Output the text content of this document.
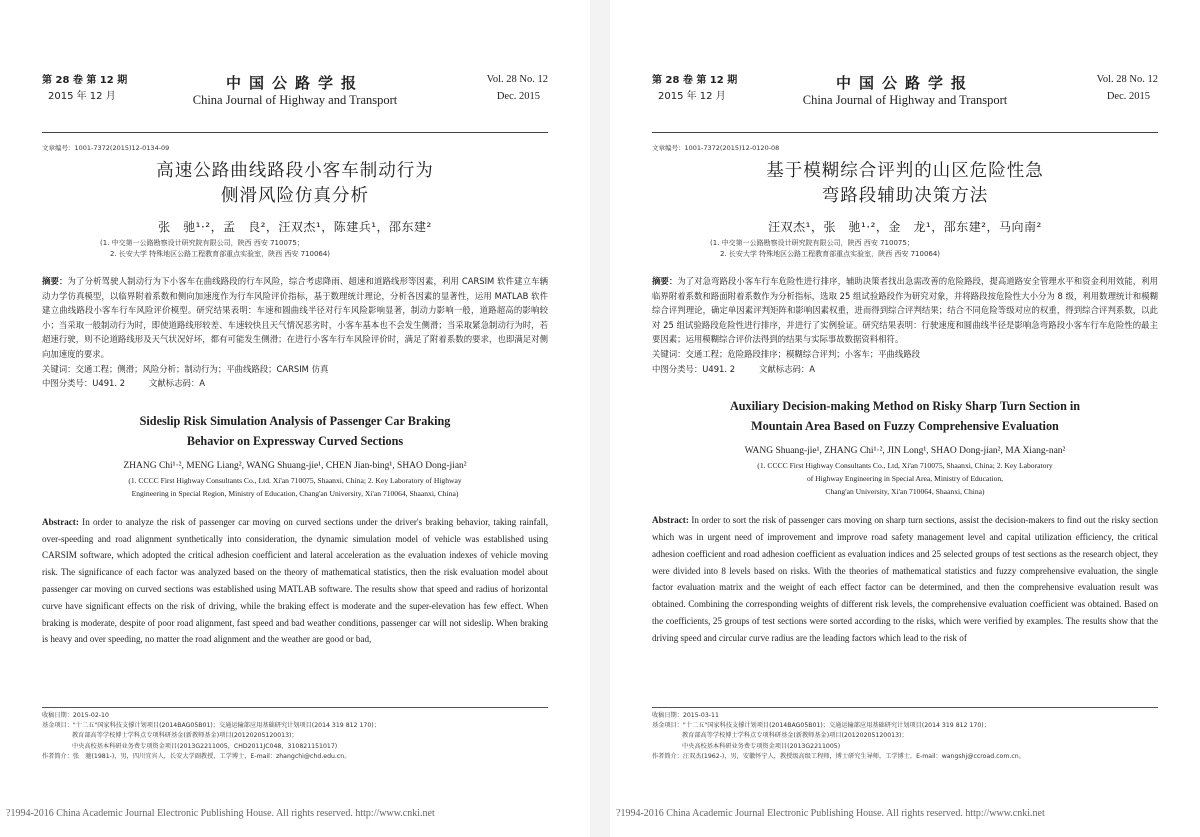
第 28 卷 第 12 期
2015 年 12 月
中国公路学报
China Journal of Highway and Transport
Vol. 28 No. 12
Dec. 2015
文章编号：1001-7372(2015)12-0134-09
高速公路曲线路段小客车制动行为
侧滑风险仿真分析
张　驰¹·²，孟　良²，汪双杰¹，陈建兵¹，邵东建²
(1. 中交第一公路勘察设计研究院有限公司，陕西 西安 710075；
2. 长安大学 特殊地区公路工程教育部重点实验室，陕西 西安 710064)
摘要：为了分析驾驶人制动行为下小客车在曲线路段的行车风险，综合考虑降雨、超速和道路线形等因素，利用 CARSIM 软件建立车辆动力学仿真模型，以临界附着系数和侧向加速度作为行车风险评价指标，基于数理统计理论，分析各因素的显著性，运用 MATLAB 软件建立曲线路段小客车行车风险评价模型。研究结果表明：车速和圆曲线半径对行车风险影响显著，制动力影响一般，道路超高的影响较小；当采取一般制动行为时，即使道路线形较差、车速较快且天气情况恶劣时，小客车基本也不会发生侧滑；当采取紧急制动行为时，若超速行驶，则不论道路线形及天气状况好坏，都有可能发生侧滑；在进行小客车行车风险评价时，满足了附着系数的要求，也即满足对侧向加速度的要求。
关键词：交通工程；侧滑；风险分析；制动行为；平曲线路段；CARSIM 仿真
中图分类号：U491. 2	文献标志码：A
Sideslip Risk Simulation Analysis of Passenger Car Braking
Behavior on Expressway Curved Sections
ZHANG Chi¹·², MENG Liang², WANG Shuang-jie¹, CHEN Jian-bing¹, SHAO Dong-jian²
(1. CCCC First Highway Consultants Co., Ltd. Xi'an 710075, Shaanxi, China; 2. Key Laboratory of Highway
Engineering in Special Region, Ministry of Education, Chang'an University, Xi'an 710064, Shaanxi, China)
Abstract: In order to analyze the risk of passenger car moving on curved sections under the driver's braking behavior, taking rainfall, over-speeding and road alignment synthetically into consideration, the dynamic simulation model of vehicle was established using CARSIM software, which adopted the critical adhesion coefficient and lateral acceleration as the evaluation indexes of vehicle moving risk. The significance of each factor was analyzed based on the theory of mathematical statistics, then the risk evaluation model about passenger car moving on curved sections was established using MATLAB software. The results show that speed and radius of horizontal curve have significant effects on the risk of driving, while the braking effect is moderate and the super-elevation has few effect. When braking is moderate, despite of poor road alignment, fast speed and bad weather conditions, passenger car will not sideslip. When braking is heavy and over speeding, no matter the road alignment and the weather are good or bad,
收稿日期：2015-02-10
基金项目："十二五"国家科技支撑计划项目(2014BAG05B01)；交通运输部应用基础研究计划项目(2014 319 812 170)；
教育部高等学校博士学科点专项科研基金(新教师基金)项目(20120205120013)；
中央高校基本科研业务费专项资金项目(2013G2211005，CHD2011JC048，310821151017)
作者简介：张　驰(1981-)，男，四川宜宾人，长安大学副教授，工学博士，E-mail：zhangchi@chd.edu.cn。
?1994-2016 China Academic Journal Electronic Publishing House. All rights reserved. http://www.cnki.net
第 28 卷 第 12 期
2015 年 12 月
中国公路学报
China Journal of Highway and Transport
Vol. 28 No. 12
Dec. 2015
文章编号：1001-7372(2015)12-0120-08
基于模糊综合评判的山区危险性急
弯路段辅助决策方法
汪双杰¹，张　驰¹·²，金　龙¹，邵东建²，马向南²
(1. 中交第一公路勘察设计研究院有限公司，陕西 西安 710075；
2. 长安大学 特殊地区公路工程教育部重点实验室，陕西 西安 710064)
摘要：为了对急弯路段小客车行车危险性进行排序，辅助决策者找出急需改善的危险路段，提高道路安全管理水平和资金利用效能，利用临界附着系数和路面附着系数作为分析指标，选取 25 组试验路段作为研究对象，并将路段按危险性大小分为 8 级，利用数理统计和模糊综合评判理论，确定单因素评判矩阵和影响因素权重，进而得到综合评判结果；结合不同危险等级对应的权重，得到综合评判系数，以此对 25 组试验路段危险性进行排序，并进行了实例验证。研究结果表明：行驶速度和圆曲线半径是影响急弯路段小客车行车危险性的最主要因素；运用模糊综合评价法得到的结果与实际事故数据资料相符。
关键词：交通工程；危险路段排序；模糊综合评判；小客车；平曲线路段
中图分类号：U491. 2	文献标志码：A
Auxiliary Decision-making Method on Risky Sharp Turn Section in
Mountain Area Based on Fuzzy Comprehensive Evaluation
WANG Shuang-jie¹, ZHANG Chi¹·², JIN Long¹, SHAO Dong-jian², MA Xiang-nan²
(1. CCCC First Highway Consultants Co., Ltd, Xi'an 710075, Shaanxi, China; 2. Key Laboratory
of Highway Engineering in Special Area, Ministry of Education,
Chang'an University, Xi'an 710064, Shaanxi, China)
Abstract: In order to sort the risk of passenger cars moving on sharp turn sections, assist the decision-makers to find out the risky section which was in urgent need of improvement and improve road safety management level and capital utilization efficiency, the critical adhesion coefficient and road adhesion coefficient as evaluation indices and 25 selected groups of test sections as the research object, they were divided into 8 levels based on risks. With the theories of mathematical statistics and fuzzy comprehensive evaluation, the single factor evaluation matrix and the weight of each effect factor can be determined, and then the comprehensive evaluation result was obtained. Combining the corresponding weights of different risk levels, the comprehensive evaluation coefficient was obtained. Based on the coefficients, 25 groups of test sections were sorted according to the risks, which were verified by examples. The results show that the driving speed and circular curve radius are the leading factors which lead to the risk of
收稿日期：2015-03-11
基金项目："十二五"国家科技支撑计划项目(2014BAG05B01)；交通运输部应用基础研究计划项目(2014 319 812 170)；
教育部高等学校博士学科点专项科研基金(新教师基金)项目(20120205120013)；
中央高校基本科研业务费专项资金项目(2013G2211005)
作者简介：汪双杰(1962-)，男，安徽怀宁人，教授级高级工程师，博士研究生导师，工学博士，E-mail：wangshj@ccroad.com.cn。
?1994-2016 China Academic Journal Electronic Publishing House. All rights reserved. http://www.cnki.net
